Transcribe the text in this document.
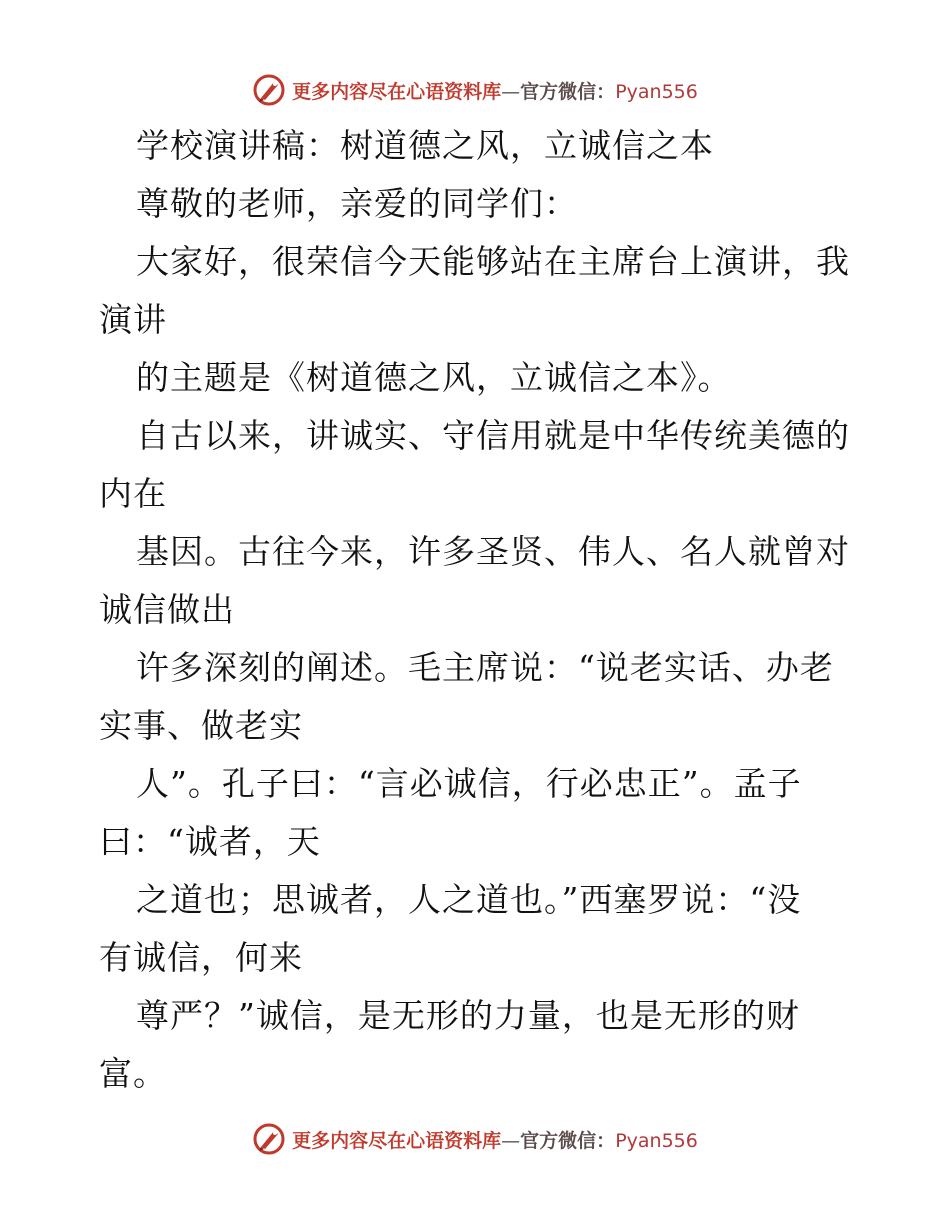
更多内容尽在心语资料库—官方微信：Pyan556

学校演讲稿：树道德之风，立诚信之本

尊敬的老师，亲爱的同学们：

大家好，很荣信今天能够站在主席台上演讲，我

演讲

的主题是《树道德之风，立诚信之本》。

自古以来，讲诚实、守信用就是中华传统美德的

内在

基因。古往今来，许多圣贤、伟人、名人就曾对

诚信做出

许多深刻的阐述。毛主席说：“说老实话、办老

实事、做老实

人”。孔子曰：“言必诚信，行必忠正”。孟子

曰：“诚者，天

之道也；思诚者，人之道也。”西塞罗说：“没

有诚信，何来

尊严？”诚信，是无形的力量，也是无形的财

富。

更多内容尽在心语资料库—官方微信：Pyan556
